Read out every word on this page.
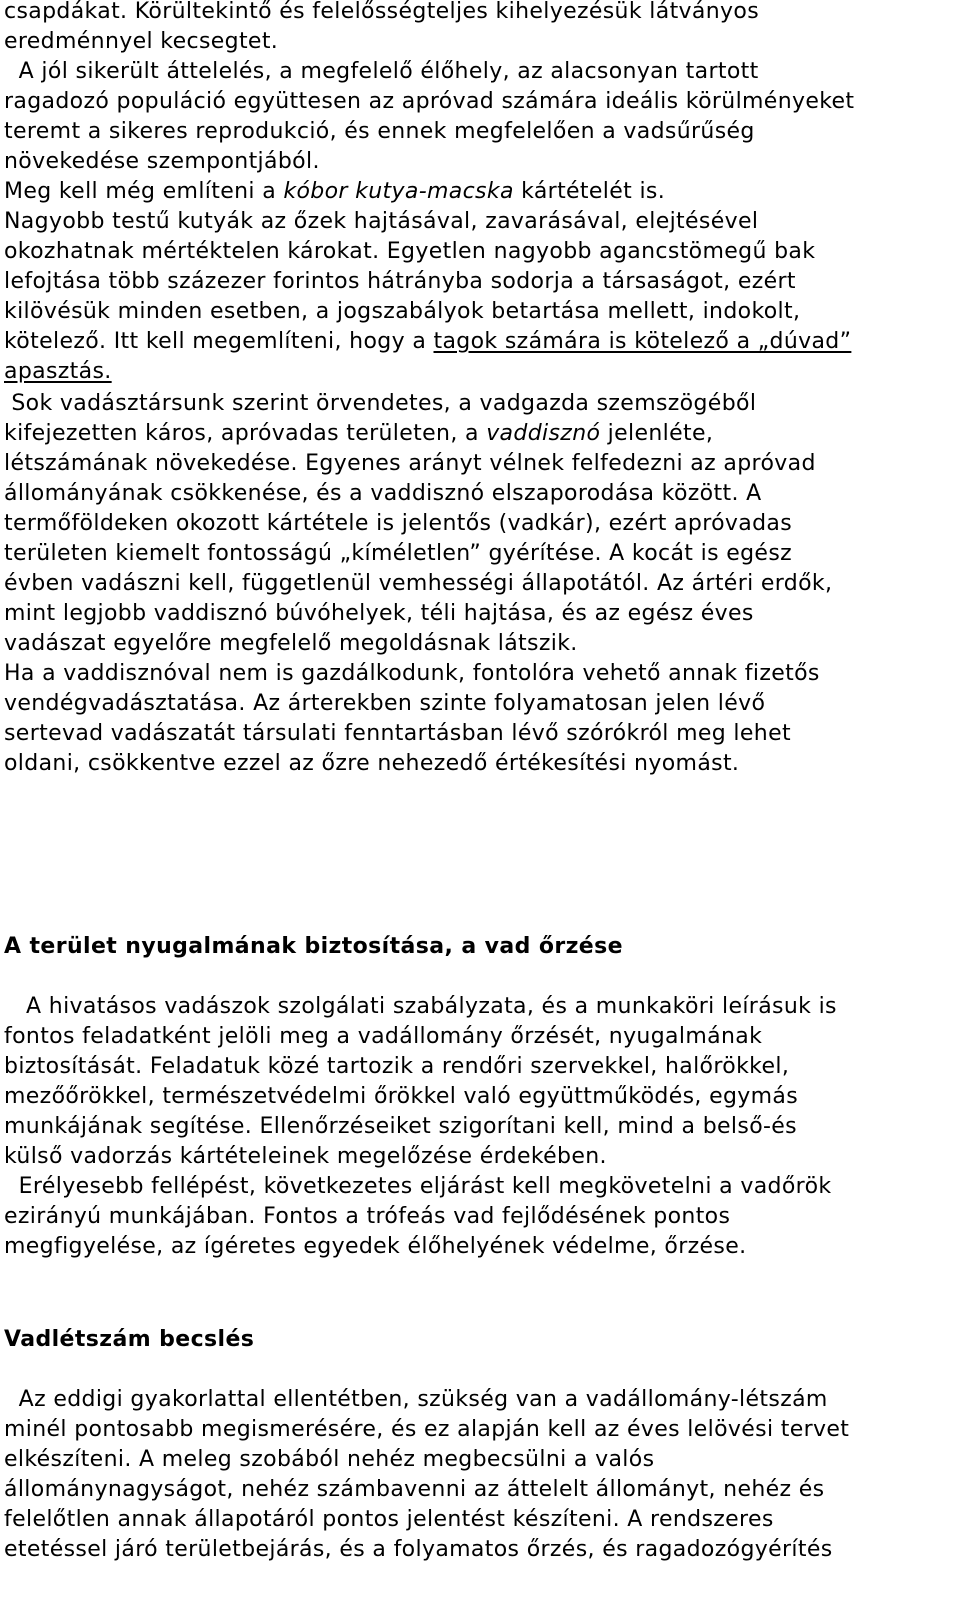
csapdákat. Körültekintő és felelősségteljes kihelyezésük látványos
eredménnyel kecsegtet.
A jól sikerült áttelelés, a megfelelő élőhely, az alacsonyan tartott
ragadozó populáció együttesen az apróvad számára ideális körülményeket
teremt a sikeres reprodukció, és ennek megfelelően a vadsűrűség
növekedése szempontjából.
Meg kell még említeni a kóbor kutya-macska kártételét is.
Nagyobb testű kutyák az őzek hajtásával, zavarásával, elejtésével
okozhatnak mértéktelen károkat. Egyetlen nagyobb agancstömegű bak
lefojtása több százezer forintos hátrányba sodorja a társaságot, ezért
kilövésük minden esetben, a jogszabályok betartása mellett, indokolt,
kötelező. Itt kell megemlíteni, hogy a tagok számára is kötelező a „dúvad”
apasztás.
Sok vadásztársunk szerint örvendetes, a vadgazda szemszögéből
kifejezetten káros, apróvadas területen, a vaddisznó jelenléte,
létszámának növekedése. Egyenes arányt vélnek felfedezni az apróvad
állományának csökkenése, és a vaddisznó elszaporodása között. A
termőföldeken okozott kártétele is jelentős (vadkár), ezért apróvadas
területen kiemelt fontosságú „kíméletlen” gyérítése. A kocát is egész
évben vadászni kell, függetlenül vemhességi állapotától. Az ártéri erdők,
mint legjobb vaddisznó búvóhelyek, téli hajtása, és az egész éves
vadászat egyelőre megfelelő megoldásnak látszik.
Ha a vaddisznóval nem is gazdálkodunk, fontolóra vehető annak fizetős
vendégvadásztatása. Az árterekben szinte folyamatosan jelen lévő
sertevad vadászatát társulati fenntartásban lévő szórókról meg lehet
oldani, csökkentve ezzel az őzre nehezedő értékesítési nyomást.
A terület nyugalmának biztosítása, a vad őrzése
A hivatásos vadászok szolgálati szabályzata, és a munkaköri leírásuk is
fontos feladatként jelöli meg a vadállomány őrzését, nyugalmának
biztosítását. Feladatuk közé tartozik a rendőri szervekkel, halőrökkel,
mezőőrökkel, természetvédelmi őrökkel való együttműködés, egymás
munkájának segítése. Ellenőrzéseiket szigorítani kell, mind a belső-és
külső vadorzás kártételeinek megelőzése érdekében.
Erélyesebb fellépést, következetes eljárást kell megkövetelni a vadőrök
ezirányú munkájában. Fontos a trófeás vad fejlődésének pontos
megfigyelése, az ígéretes egyedek élőhelyének védelme, őrzése.
Vadlétszám becslés
Az eddigi gyakorlattal ellentétben, szükség van a vadállomány-létszám
minél pontosabb megismerésére, és ez alapján kell az éves lelövési tervet
elkészíteni. A meleg szobából nehéz megbecsülni a valós
állománynagyságot, nehéz számbavenni az áttelelt állományt, nehéz és
felelőtlen annak állapotáról pontos jelentést készíteni. A rendszeres
etetéssel járó területbejárás, és a folyamatos őrzés, és ragadozógyérítés
